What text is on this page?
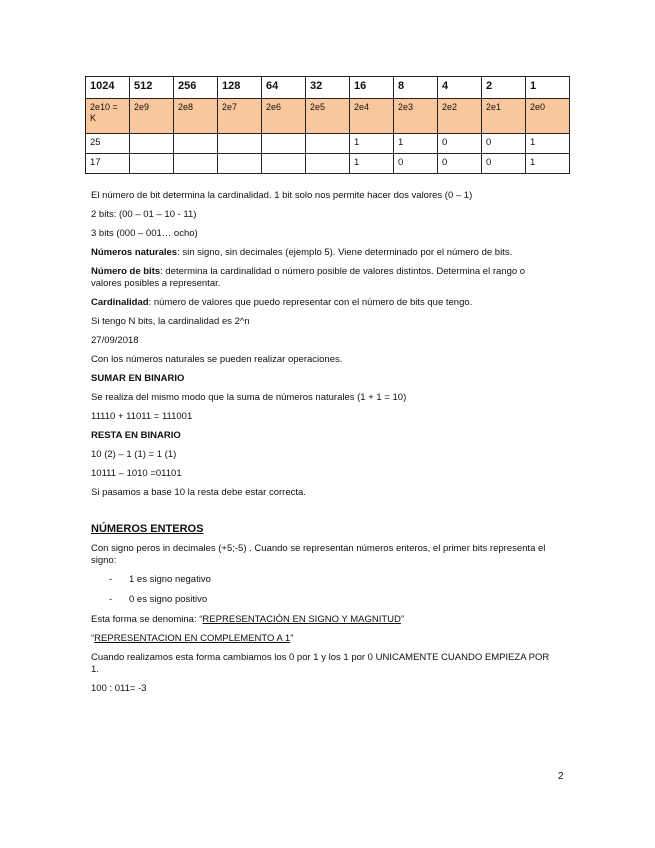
1024	512	256	128	64	32	16	8	4	2	1
2e10 = K	2e9	2e8	2e7	2e6	2e5	2e4	2e3	2e2	2e1	2e0
25						1	1	0	0	1
17						1	0	0	0	1

El número de bit determina la cardinalidad. 1 bit solo nos permite hacer dos valores (0 – 1)

2 bits: (00 – 01 – 10 - 11)

3 bits (000 – 001… ocho)

Números naturales: sin signo, sin decimales (ejemplo 5). Viene determinado por el número de bits.

Número de bits: determina la cardinalidad o número posible de valores distintos. Determina el rango o valores posibles a representar.

Cardinalidad: número de valores que puedo representar con el número de bits que tengo.

Si tengo N bits, la cardinalidad es 2^n

27/09/2018

Con los números naturales se pueden realizar operaciones.

SUMAR EN BINARIO

Se realiza del mismo modo que la suma de números naturales (1 + 1 = 10)

11110 + 11011 = 111001

RESTA EN BINARIO

10 (2) – 1 (1) = 1 (1)

10111 – 1010 =01101

Si pasamos a base 10 la resta debe estar correcta.

NÚMEROS ENTEROS

Con signo peros in decimales (+5;-5) . Cuando se representan números enteros, el primer bits representa el signo:

- 1 es signo negativo
- 0 es signo positivo

Esta forma se denomina: “REPRESENTACIÓN EN SIGNO Y MAGNITUD”

“REPRESENTACION EN COMPLEMENTO A 1”

Cuando realizamos esta forma cambiamos los 0 por 1 y los 1 por 0 UNICAMENTE CUANDO EMPIEZA POR 1.

100 : 011= -3

2
